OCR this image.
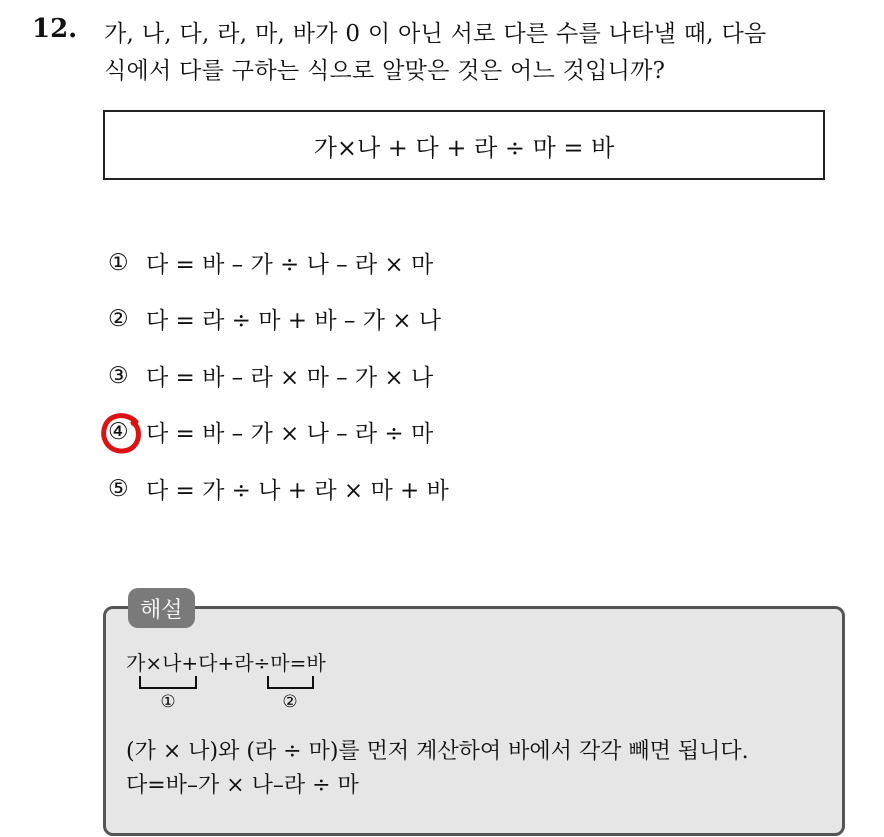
12. 가, 나, 다, 라, 마, 바가 0 이 아닌 서로 다른 수를 나타낼 때, 다음
식에서 다를 구하는 식으로 알맞은 것은 어느 것입니까?
가×나 + 다 + 라 ÷ 마 = 바
① 다 = 바 – 가 ÷ 나 – 라 × 마
② 다 = 라 ÷ 마 + 바 – 가 × 나
③ 다 = 바 – 라 × 마 – 가 × 나
④ 다 = 바 – 가 × 나 – 라 ÷ 마
⑤ 다 = 가 ÷ 나 + 라 × 마 + 바
해설
가×나+다+라÷마=바
①	②
(가 × 나)와 (라 ÷ 마)를 먼저 계산하여 바에서 각각 빼면 됩니다.
다=바–가 × 나–라 ÷ 마
